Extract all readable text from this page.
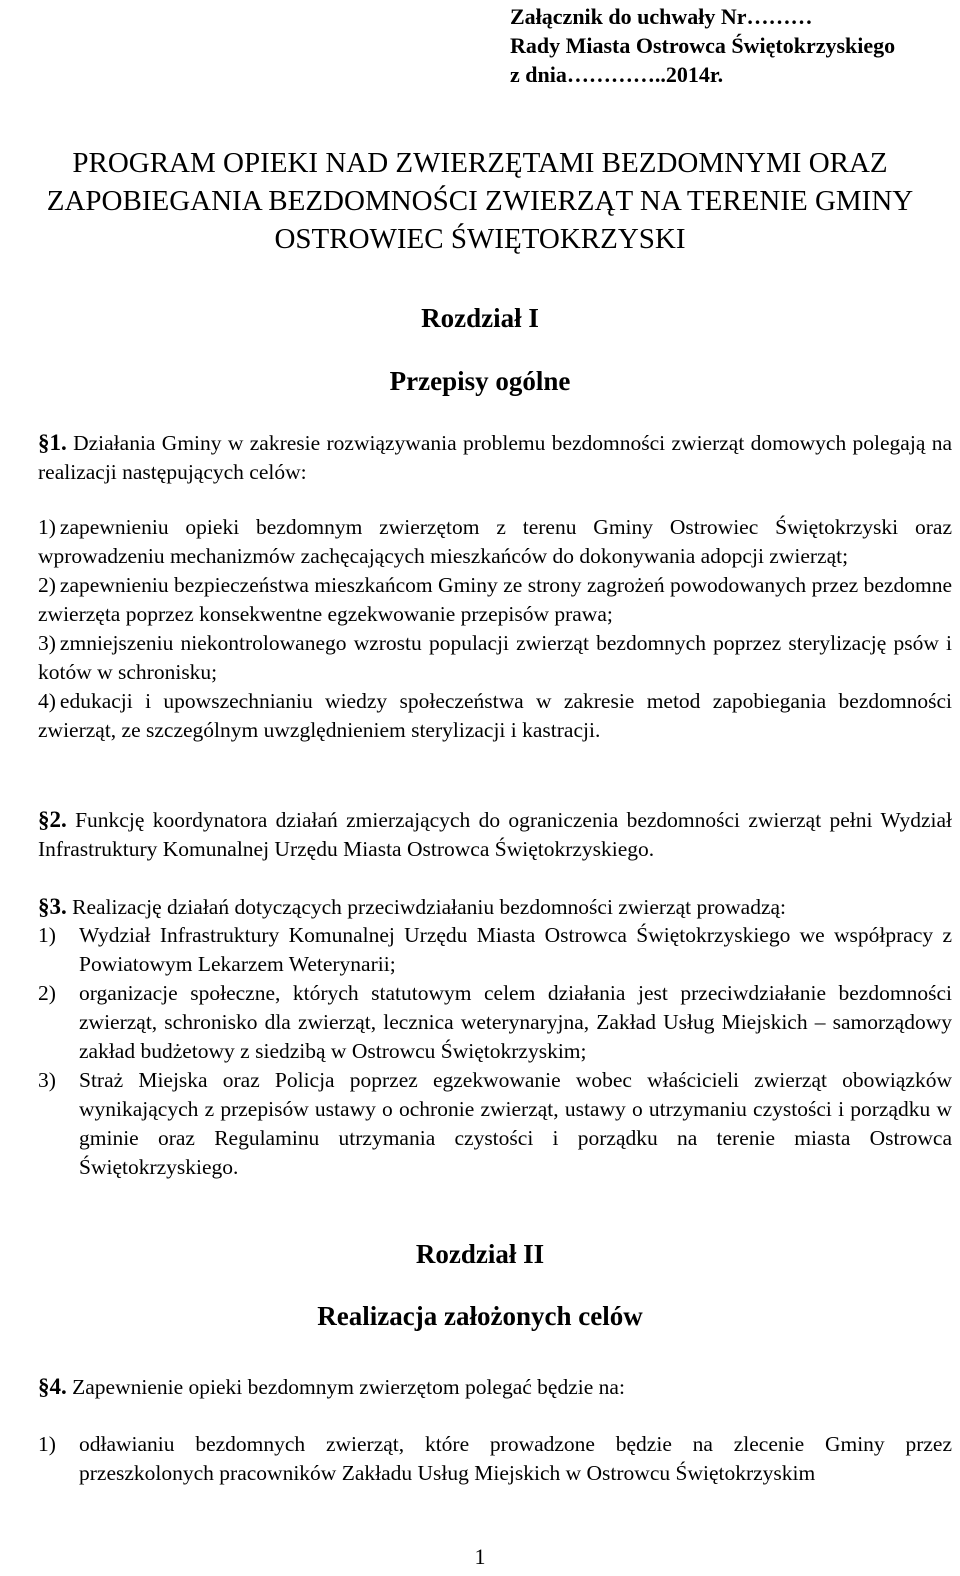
Załącznik do uchwały Nr………
Rady Miasta Ostrowca Świętokrzyskiego
z dnia…………..2014r.
PROGRAM OPIEKI NAD ZWIERZĘTAMI BEZDOMNYMI ORAZ
ZAPOBIEGANIA BEZDOMNOŚCI ZWIERZĄT NA TERENIE GMINY
OSTROWIEC ŚWIĘTOKRZYSKI
Rozdział I
Przepisy ogólne
§1. Działania Gminy w zakresie rozwiązywania problemu bezdomności zwierząt domowych polegają na realizacji następujących celów:
1) zapewnieniu opieki bezdomnym zwierzętom z terenu Gminy Ostrowiec Świętokrzyski oraz wprowadzeniu mechanizmów zachęcających mieszkańców do dokonywania adopcji zwierząt;
2) zapewnieniu bezpieczeństwa mieszkańcom Gminy ze strony zagrożeń powodowanych przez bezdomne zwierzęta poprzez konsekwentne egzekwowanie przepisów prawa;
3) zmniejszeniu niekontrolowanego wzrostu populacji zwierząt bezdomnych poprzez sterylizację psów i kotów w schronisku;
4) edukacji i upowszechnianiu wiedzy społeczeństwa w zakresie metod zapobiegania bezdomności zwierząt, ze szczególnym uwzględnieniem sterylizacji i kastracji.
§2. Funkcję koordynatora działań zmierzających do ograniczenia bezdomności zwierząt pełni Wydział Infrastruktury Komunalnej Urzędu Miasta Ostrowca Świętokrzyskiego.
§3. Realizację działań dotyczących przeciwdziałaniu bezdomności zwierząt prowadzą:
1) Wydział Infrastruktury Komunalnej Urzędu Miasta Ostrowca Świętokrzyskiego we współpracy z Powiatowym Lekarzem Weterynarii;
2) organizacje społeczne, których statutowym celem działania jest przeciwdziałanie bezdomności zwierząt, schronisko dla zwierząt, lecznica weterynaryjna, Zakład Usług Miejskich – samorządowy zakład budżetowy z siedzibą w Ostrowcu Świętokrzyskim;
3) Straż Miejska oraz Policja poprzez egzekwowanie wobec właścicieli zwierząt obowiązków wynikających z przepisów ustawy o ochronie zwierząt, ustawy o utrzymaniu czystości i porządku w gminie oraz Regulaminu utrzymania czystości i porządku na terenie miasta Ostrowca Świętokrzyskiego.
Rozdział II
Realizacja założonych celów
§4. Zapewnienie opieki bezdomnym zwierzętom polegać będzie na:
1) odławianiu bezdomnych zwierząt, które prowadzone będzie na zlecenie Gminy przez przeszkolonych pracowników Zakładu Usług Miejskich w Ostrowcu Świętokrzyskim
1
